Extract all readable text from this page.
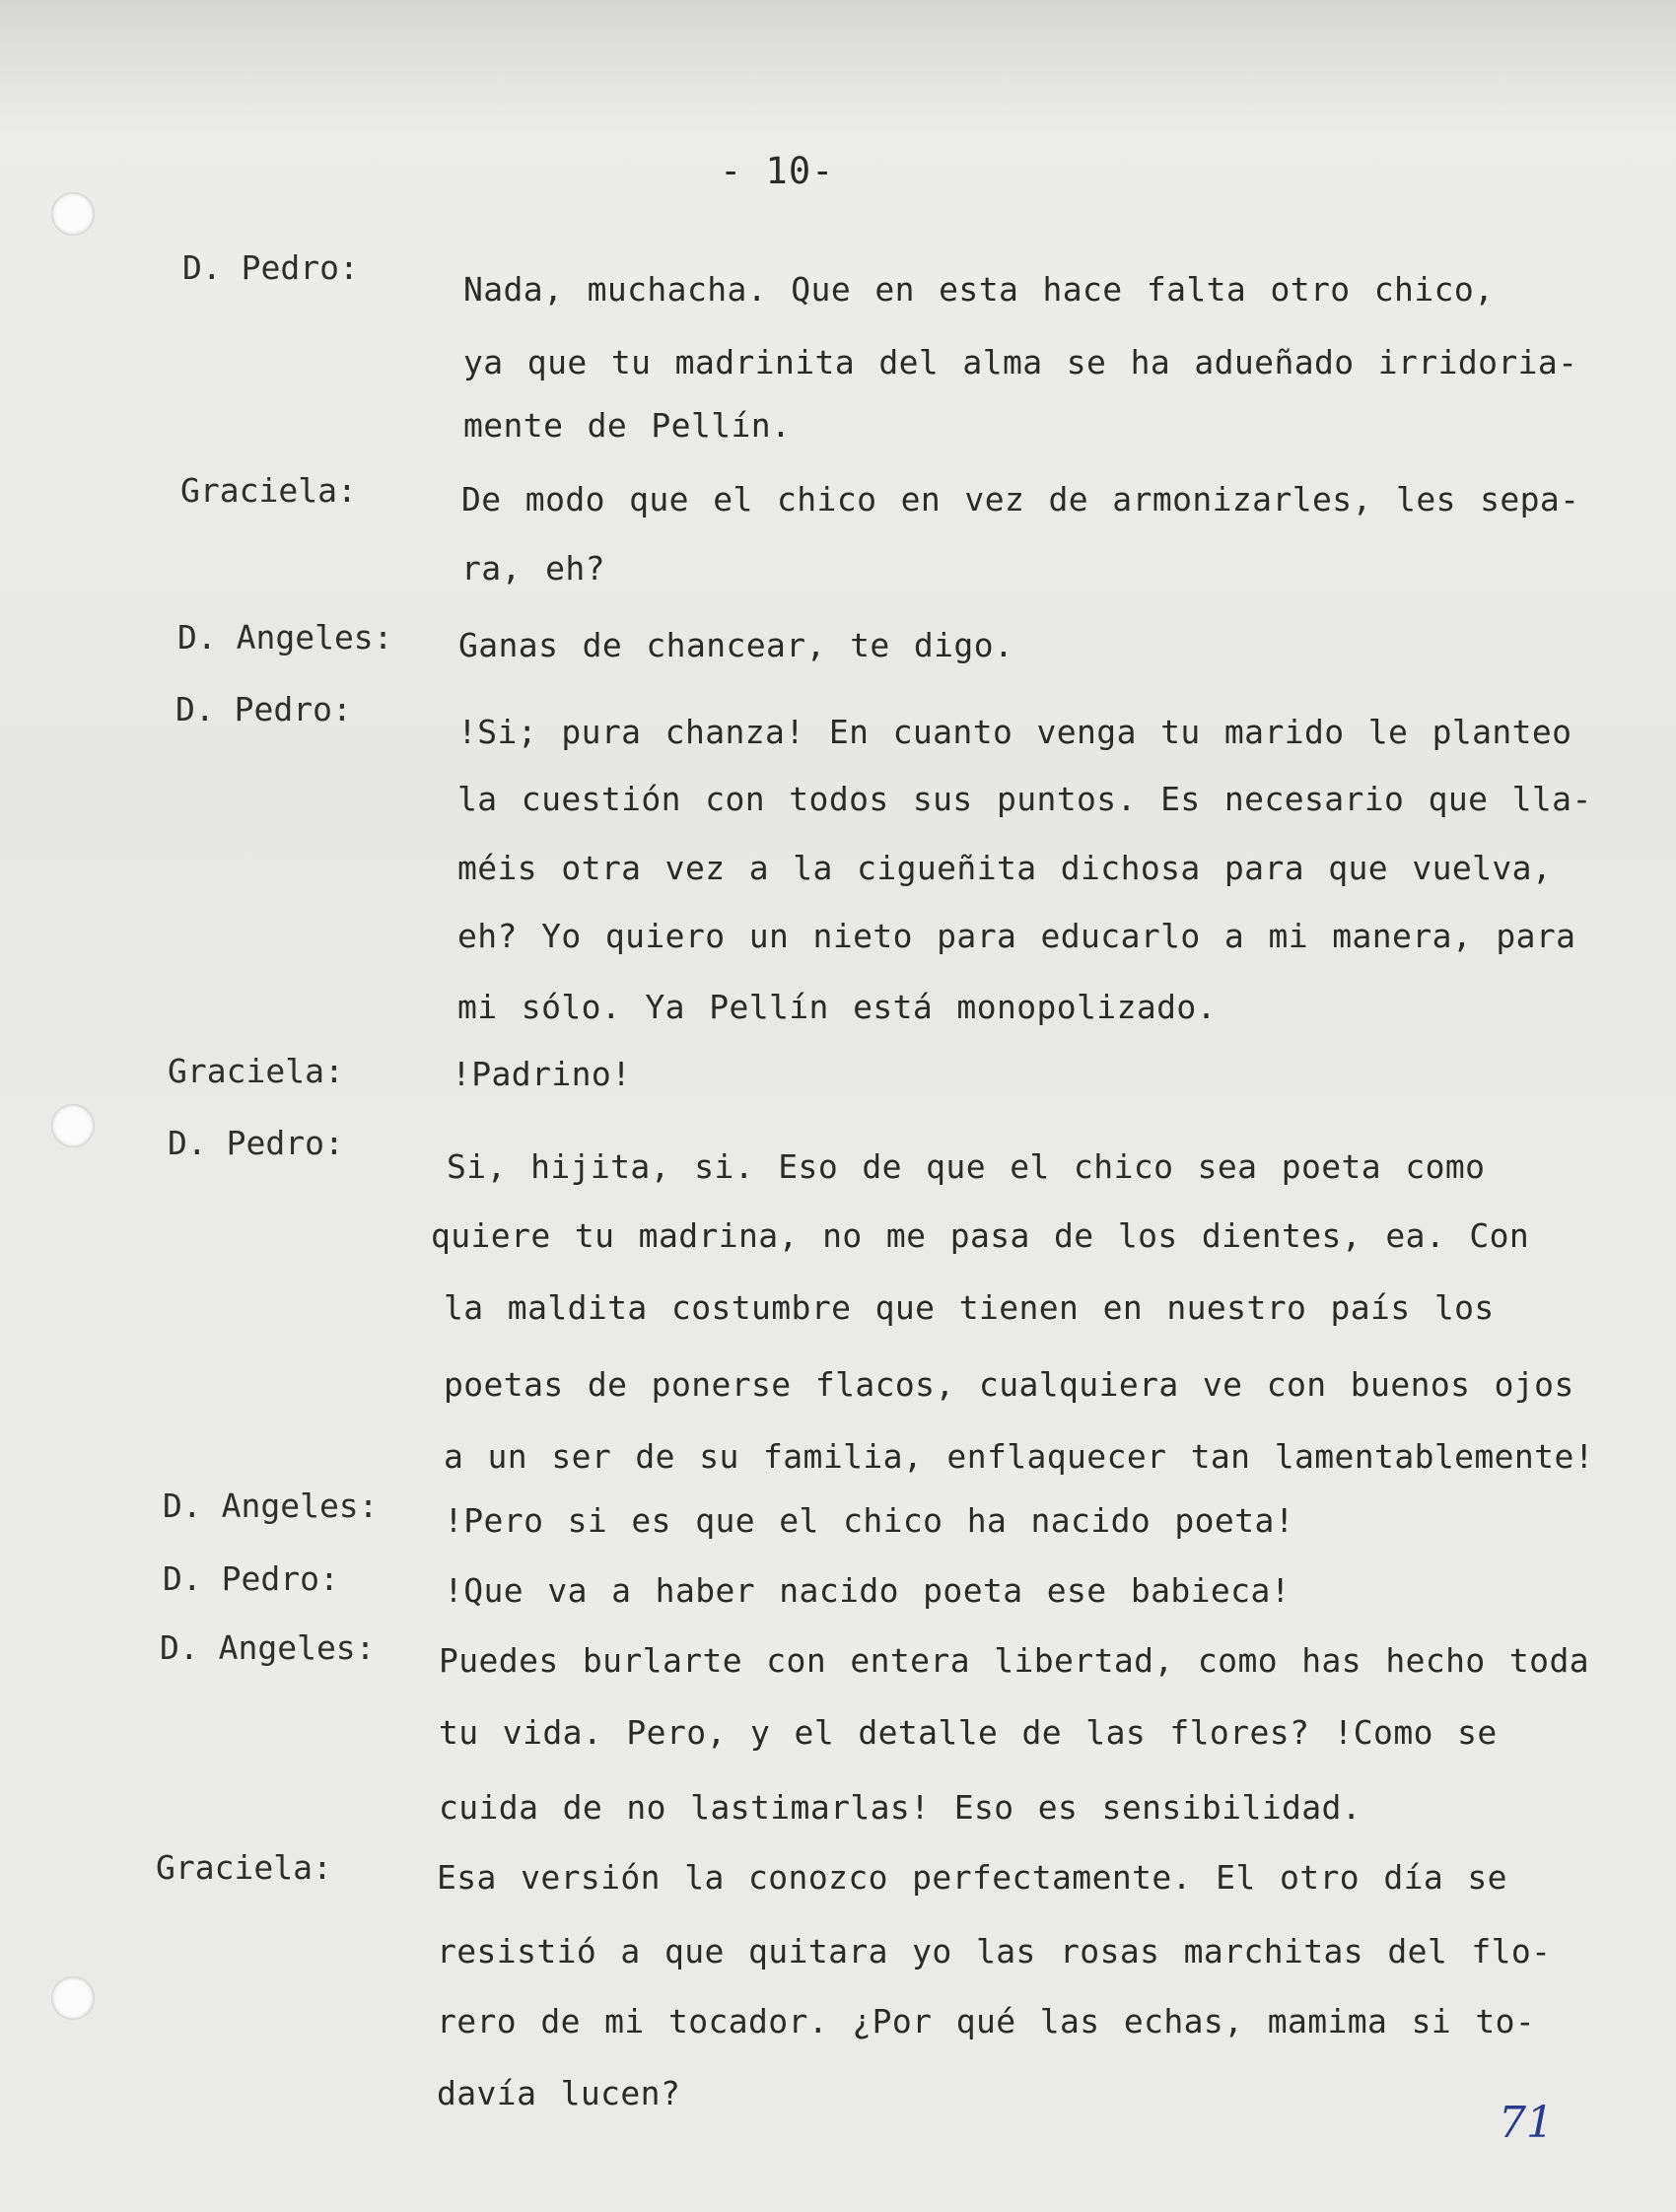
- 10-
D. Pedro:
Nada, muchacha. Que en esta hace falta otro chico,
ya que tu madrinita del alma se ha adueñado irridoria-
mente de Pellín.
Graciela:	De modo que el chico en vez de armonizarles, les sepa-
ra, eh?
D. Angeles: Ganas de chancear, te digo.
D. Pedro:
!Si; pura chanza! En cuanto venga tu marido le planteo
la cuestión con todos sus puntos. Es necesario que lla-
méis otra vez a la cigueñita dichosa para que vuelva,
eh? Yo quiero un nieto para educarlo a mi manera, para
mi sólo. Ya Pellín está monopolizado.
Graciela:	!Padrino!
D. Pedro:
Si, hijita, si. Eso de que el chico sea poeta como
quiere tu madrina, no me pasa de los dientes, ea. Con
la maldita costumbre que tienen en nuestro país los
poetas de ponerse flacos, cualquiera ve con buenos ojos
a un ser de su familia, enflaquecer tan lamentablemente!
D. Angeles: !Pero si es que el chico ha nacido poeta!
D. Pedro:	!Que va a haber nacido poeta ese babieca!
D. Angeles: Puedes burlarte con entera libertad, como has hecho toda
tu vida. Pero, y el detalle de las flores? !Como se
cuida de no lastimarlas! Eso es sensibilidad.
Graciela:	Esa versión la conozco perfectamente. El otro día se
resistió a que quitara yo las rosas marchitas del flo-
rero de mi tocador. ¿Por qué las echas, mamima si to-
davía lucen?
71
